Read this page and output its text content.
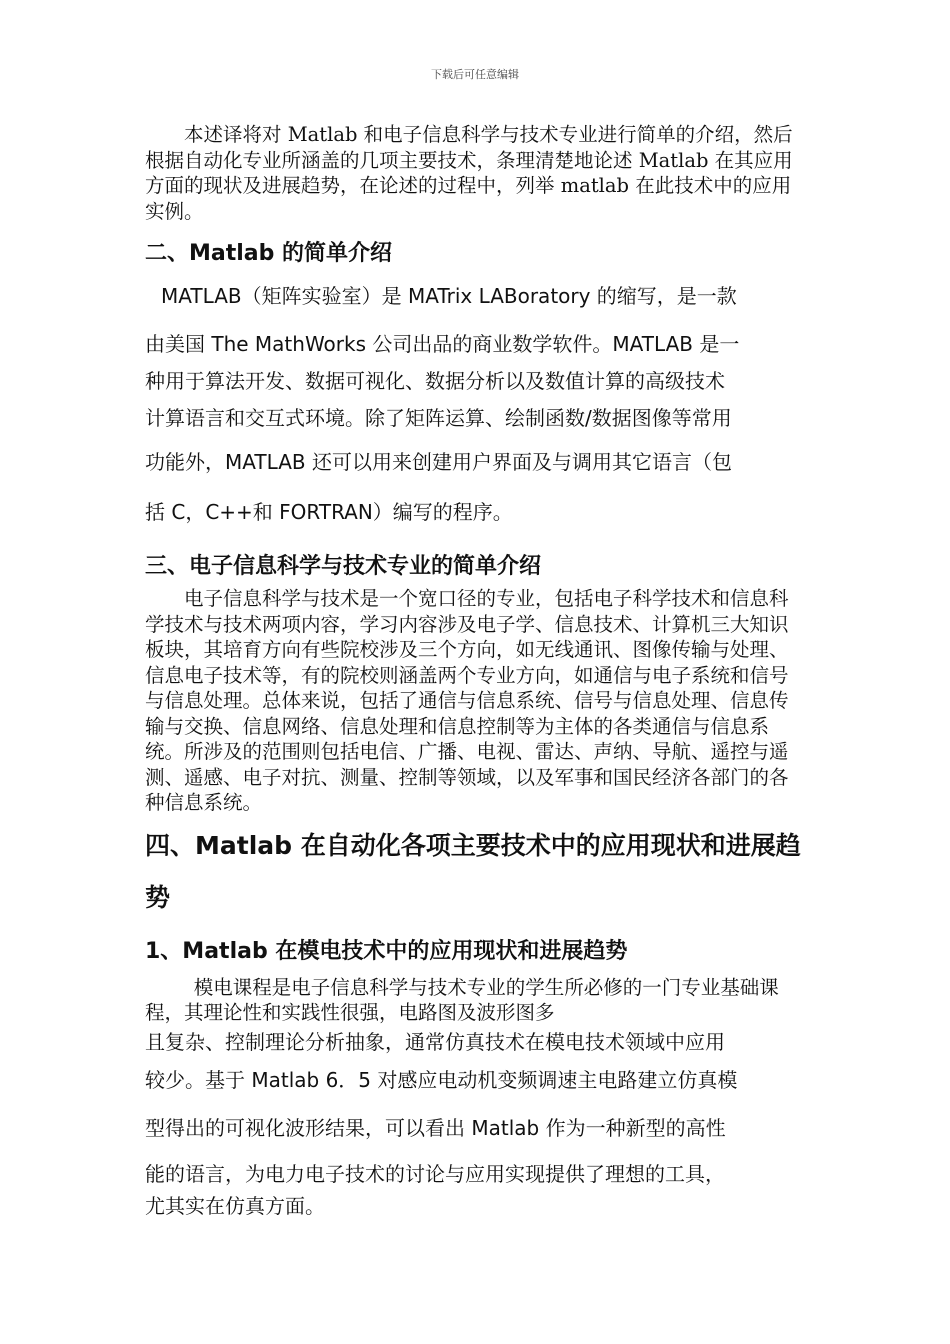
下载后可任意编辑

本述译将对 Matlab 和电子信息科学与技术专业进行简单的介绍，然后根据自动化专业所涵盖的几项主要技术，条理清楚地论述 Matlab 在其应用方面的现状及进展趋势，在论述的过程中，列举 matlab 在此技术中的应用实例。

二、Matlab 的简单介绍

MATLAB（矩阵实验室）是 MATrix LABoratory 的缩写，是一款

由美国 The MathWorks 公司出品的商业数学软件。MATLAB 是一

种用于算法开发、数据可视化、数据分析以及数值计算的高级技术

计算语言和交互式环境。除了矩阵运算、绘制函数/数据图像等常用

功能外，MATLAB 还可以用来创建用户界面及与调用其它语言（包

括 C，C++和 FORTRAN）编写的程序。

三、电子信息科学与技术专业的简单介绍

电子信息科学与技术是一个宽口径的专业，包括电子科学技术和信息科学技术与技术两项内容，学习内容涉及电子学、信息技术、计算机三大知识板块，其培育方向有些院校涉及三个方向，如无线通讯、图像传输与处理、信息电子技术等，有的院校则涵盖两个专业方向，如通信与电子系统和信号与信息处理。总体来说，包括了通信与信息系统、信号与信息处理、信息传输与交换、信息网络、信息处理和信息控制等为主体的各类通信与信息系统。所涉及的范围则包括电信、广播、电视、雷达、声纳、导航、遥控与遥测、遥感、电子对抗、测量、控制等领域，以及军事和国民经济各部门的各种信息系统。

四、Matlab 在自动化各项主要技术中的应用现状和进展趋势
1、Matlab 在模电技术中的应用现状和进展趋势

模电课程是电子信息科学与技术专业的学生所必修的一门专业基础课程，其理论性和实践性很强，电路图及波形图多

且复杂、控制理论分析抽象，通常仿真技术在模电技术领域中应用

较少。基于 Matlab 6．5 对感应电动机变频调速主电路建立仿真模

型得出的可视化波形结果，可以看出 Matlab 作为一种新型的高性

能的语言，为电力电子技术的讨论与应用实现提供了理想的工具，

尤其实在仿真方面。
